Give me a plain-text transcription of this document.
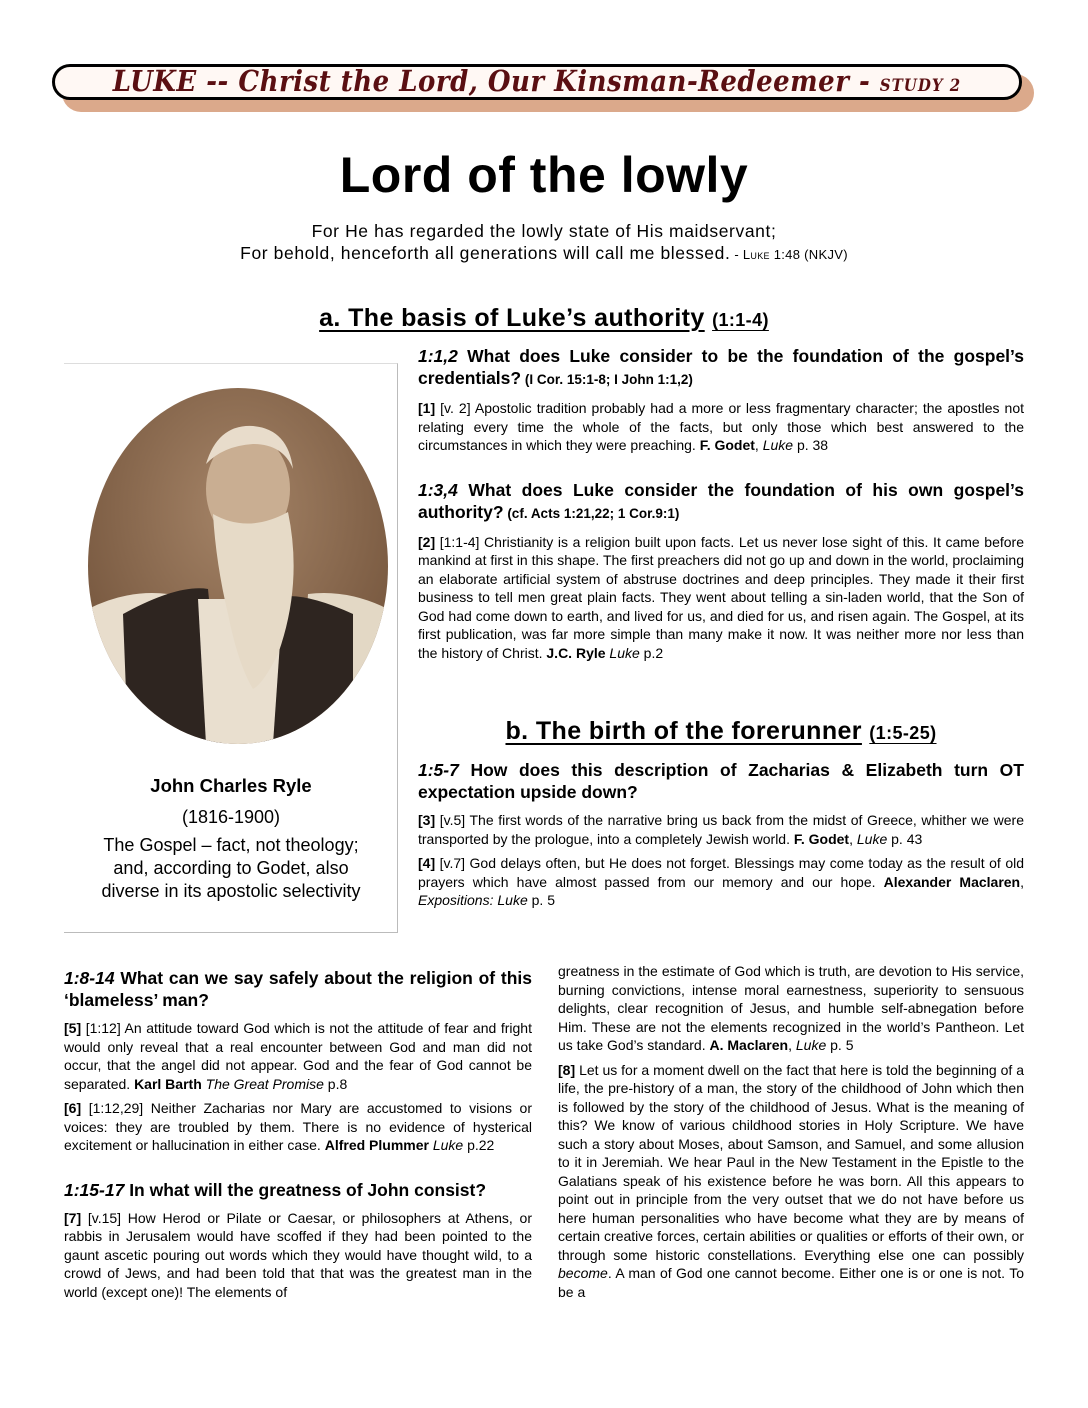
LUKE -- Christ the Lord, Our Kinsman-Redeemer - STUDY 2
Lord of the lowly
For He has regarded the lowly state of His maidservant;
For behold, henceforth all generations will call me blessed. - Luke 1:48 (NKJV)
a. The basis of Luke’s authority (1:1-4)
John Charles Ryle
(1816-1900)
The Gospel – fact, not theology;
and, according to Godet, also
diverse in its apostolic selectivity
1:1,2 What does Luke consider to be the foundation of the gospel’s credentials? (I Cor. 15:1-8; I John 1:1,2)
[1] [v. 2] Apostolic tradition probably had a more or less fragmentary character; the apostles not relating every time the whole of the facts, but only those which best answered to the circumstances in which they were preaching. F. Godet, Luke p. 38
1:3,4 What does Luke consider the foundation of his own gospel’s authority? (cf. Acts 1:21,22; 1 Cor.9:1)
[2] [1:1-4] Christianity is a religion built upon facts. Let us never lose sight of this. It came before mankind at first in this shape. The first preachers did not go up and down in the world, proclaiming an elaborate artificial system of abstruse doctrines and deep principles. They made it their first business to tell men great plain facts. They went about telling a sin-laden world, that the Son of God had come down to earth, and lived for us, and died for us, and risen again. The Gospel, at its first publication, was far more simple than many make it now. It was neither more nor less than the history of Christ. J.C. Ryle Luke p.2
b. The birth of the forerunner (1:5-25)
1:5-7 How does this description of Zacharias & Elizabeth turn OT expectation upside down?
[3] [v.5] The first words of the narrative bring us back from the midst of Greece, whither we were transported by the prologue, into a completely Jewish world. F. Godet, Luke p. 43
[4] [v.7] God delays often, but He does not forget. Blessings may come today as the result of old prayers which have almost passed from our memory and our hope. Alexander Maclaren, Expositions: Luke p. 5
1:8-14 What can we say safely about the religion of this ‘blameless’ man?
[5] [1:12] An attitude toward God which is not the attitude of fear and fright would only reveal that a real encounter between God and man did not occur, that the angel did not appear. God and the fear of God cannot be separated. Karl Barth The Great Promise p.8
[6] [1:12,29] Neither Zacharias nor Mary are accustomed to visions or voices: they are troubled by them. There is no evidence of hysterical excitement or hallucination in either case. Alfred Plummer Luke p.22
1:15-17 In what will the greatness of John consist?
[7] [v.15] How Herod or Pilate or Caesar, or philosophers at Athens, or rabbis in Jerusalem would have scoffed if they had been pointed to the gaunt ascetic pouring out words which they would have thought wild, to a crowd of Jews, and had been told that that was the greatest man in the world (except one)! The elements of
greatness in the estimate of God which is truth, are devotion to His service, burning convictions, intense moral earnestness, superiority to sensuous delights, clear recognition of Jesus, and humble self-abnegation before Him. These are not the elements recognized in the world’s Pantheon. Let us take God’s standard. A. Maclaren, Luke p. 5
[8] Let us for a moment dwell on the fact that here is told the beginning of a life, the pre-history of a man, the story of the childhood of John which then is followed by the story of the childhood of Jesus. What is the meaning of this? We know of various childhood stories in Holy Scripture. We have such a story about Moses, about Samson, and Samuel, and some allusion to it in Jeremiah. We hear Paul in the New Testament in the Epistle to the Galatians speak of his existence before he was born. All this appears to point out in principle from the very outset that we do not have before us here human personalities who have become what they are by means of certain creative forces, certain abilities or qualities or efforts of their own, or through some historic constellations. Everything else one can possibly become. A man of God one cannot become. Either one is or one is not. To be a
